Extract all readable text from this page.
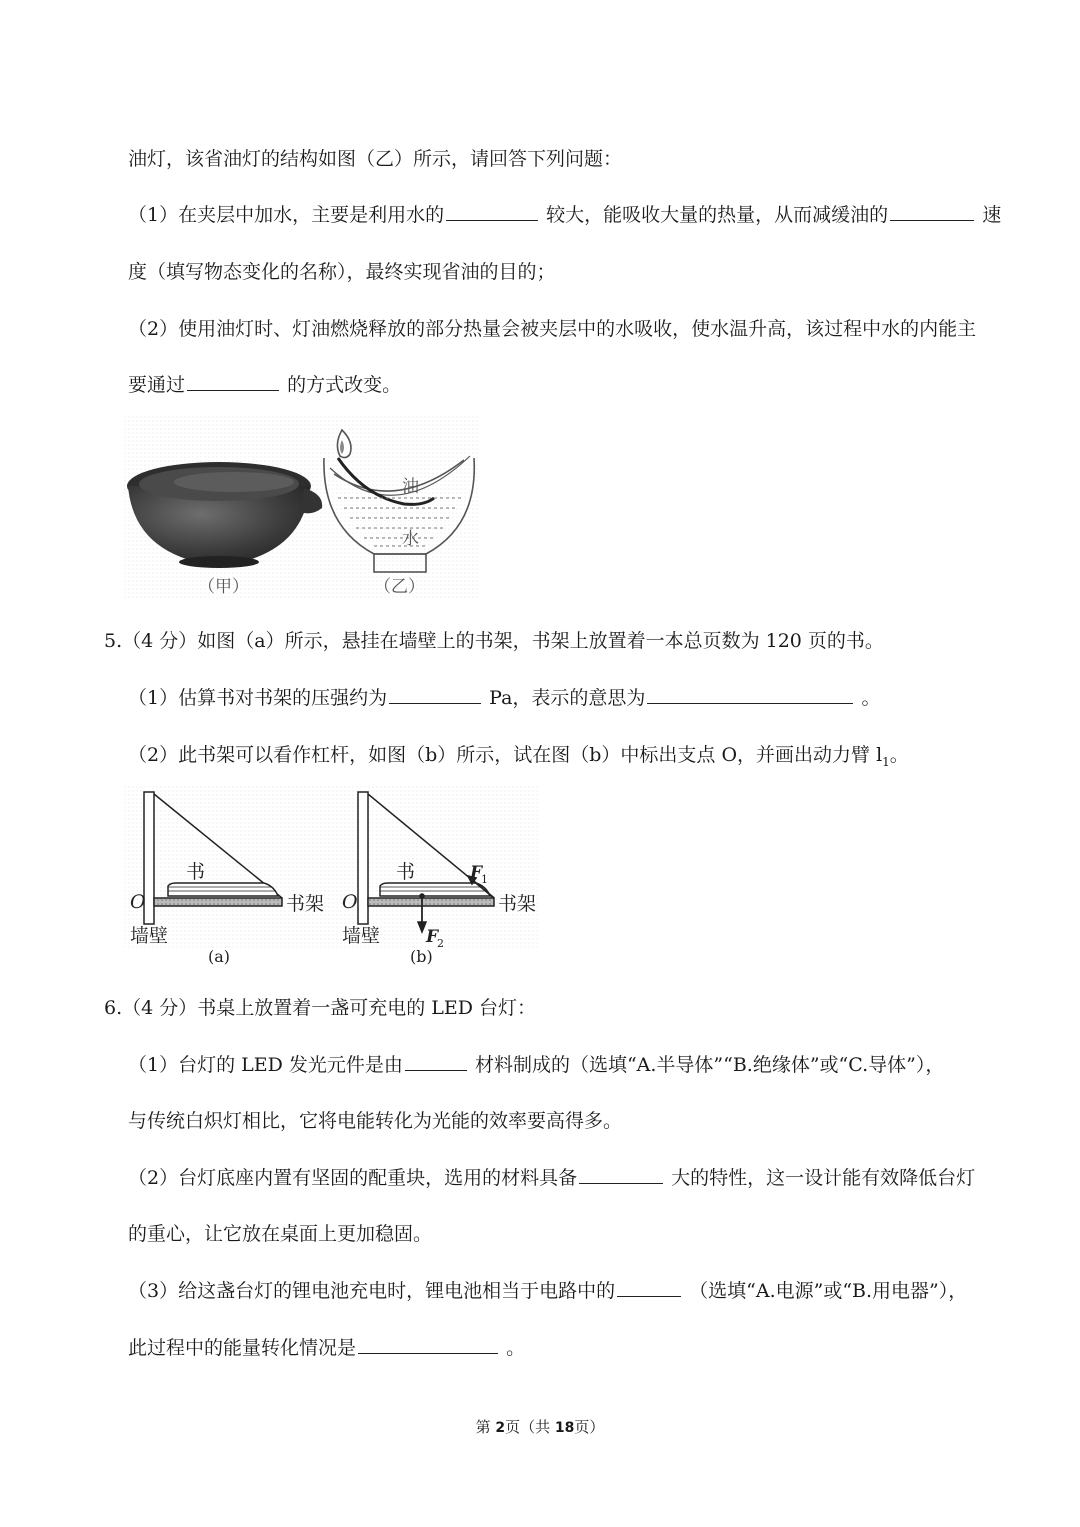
油灯，该省油灯的结构如图（乙）所示，请回答下列问题：
（1）在夹层中加水，主要是利用水的	较大，能吸收大量的热量，从而减缓油的	速
度（填写物态变化的名称），最终实现省油的目的；
（2）使用油灯时、灯油燃烧释放的部分热量会被夹层中的水吸收，使水温升高，该过程中水的内能主
要通过	的方式改变。
（甲）
油
水
（乙）
5.（4 分）如图（a）所示，悬挂在墙壁上的书架，书架上放置着一本总页数为 120 页的书。
（1）估算书对书架的压强约为	Pa，表示的意思为	。
（2）此书架可以看作杠杆，如图（b）所示，试在图（b）中标出支点 O，并画出动力臂 $l_1$。
O
书
书架
墙壁
(a)
O
书
书架
墙壁
F
1
F
2
(b)
6.（4 分）书桌上放置着一盏可充电的 LED 台灯：
（1）台灯的 LED 发光元件是由	材料制成的（选填“A.半导体”“B.绝缘体”或“C.导体”），
与传统白炽灯相比，它将电能转化为光能的效率要高得多。
（2）台灯底座内置有坚固的配重块，选用的材料具备	大的特性，这一设计能有效降低台灯
的重心，让它放在桌面上更加稳固。
（3）给这盏台灯的锂电池充电时，锂电池相当于电路中的	（选填“A.电源”或“B.用电器”），
此过程中的能量转化情况是	。
第 2页（共 18页）
